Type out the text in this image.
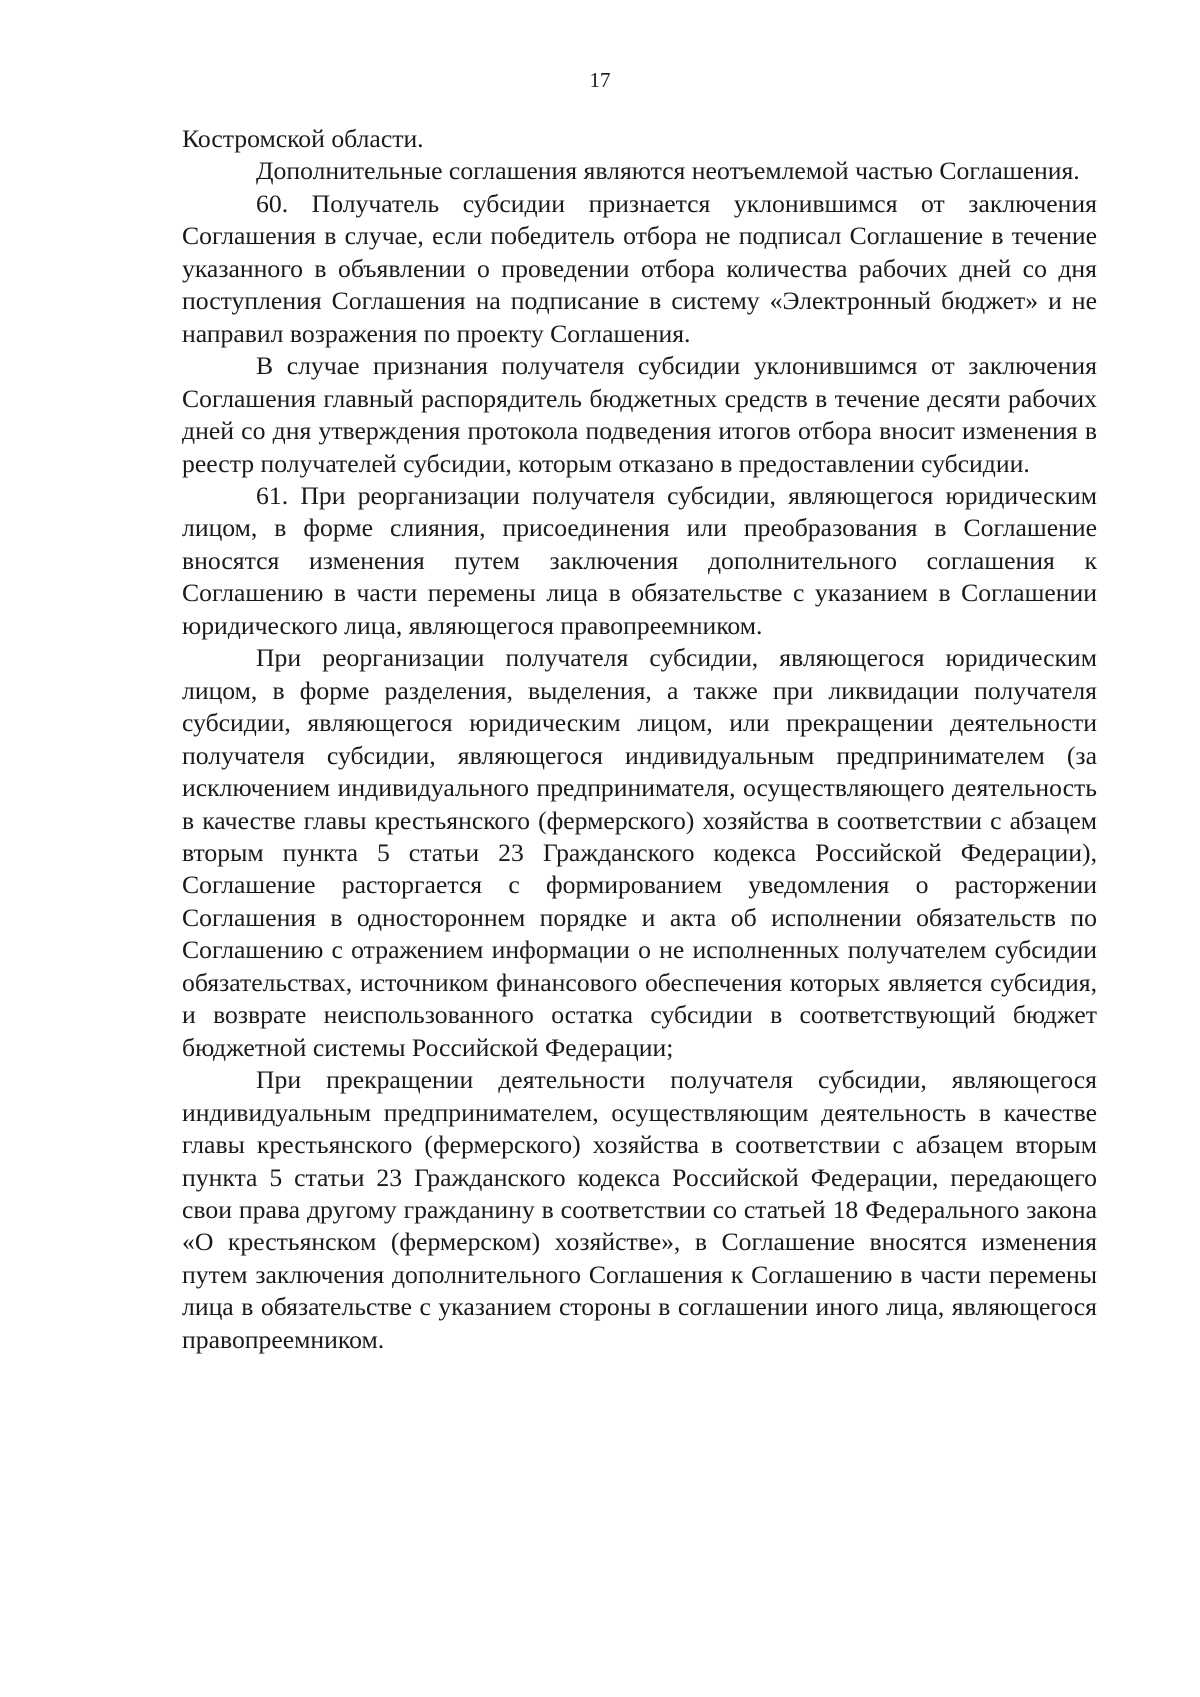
17

Костромской области.

Дополнительные соглашения являются неотъемлемой частью Соглашения.

60. Получатель субсидии признается уклонившимся от заключения Соглашения в случае, если победитель отбора не подписал Соглашение в течение указанного в объявлении о проведении отбора количества рабочих дней со дня поступления Соглашения на подписание в систему «Электронный бюджет» и не направил возражения по проекту Соглашения.

В случае признания получателя субсидии уклонившимся от заключения Соглашения главный распорядитель бюджетных средств в течение десяти рабочих дней со дня утверждения протокола подведения итогов отбора вносит изменения в реестр получателей субсидии, которым отказано в предоставлении субсидии.

61. При реорганизации получателя субсидии, являющегося юридическим лицом, в форме слияния, присоединения или преобразования в Соглашение вносятся изменения путем заключения дополнительного соглашения к Соглашению в части перемены лица в обязательстве с указанием в Соглашении юридического лица, являющегося правопреемником.

При реорганизации получателя субсидии, являющегося юридическим лицом, в форме разделения, выделения, а также при ликвидации получателя субсидии, являющегося юридическим лицом, или прекращении деятельности получателя субсидии, являющегося индивидуальным предпринимателем (за исключением индивидуального предпринимателя, осуществляющего деятельность в качестве главы крестьянского (фермерского) хозяйства в соответствии с абзацем вторым пункта 5 статьи 23 Гражданского кодекса Российской Федерации), Соглашение расторгается с формированием уведомления о расторжении Соглашения в одностороннем порядке и акта об исполнении обязательств по Соглашению с отражением информации о не исполненных получателем субсидии обязательствах, источником финансового обеспечения которых является субсидия, и возврате неиспользованного остатка субсидии в соответствующий бюджет бюджетной системы Российской Федерации;

При прекращении деятельности получателя субсидии, являющегося индивидуальным предпринимателем, осуществляющим деятельность в качестве главы крестьянского (фермерского) хозяйства в соответствии с абзацем вторым пункта 5 статьи 23 Гражданского кодекса Российской Федерации, передающего свои права другому гражданину в соответствии со статьей 18 Федерального закона «О крестьянском (фермерском) хозяйстве», в Соглашение вносятся изменения путем заключения дополнительного Соглашения к Соглашению в части перемены лица в обязательстве с указанием стороны в соглашении иного лица, являющегося правопреемником.
